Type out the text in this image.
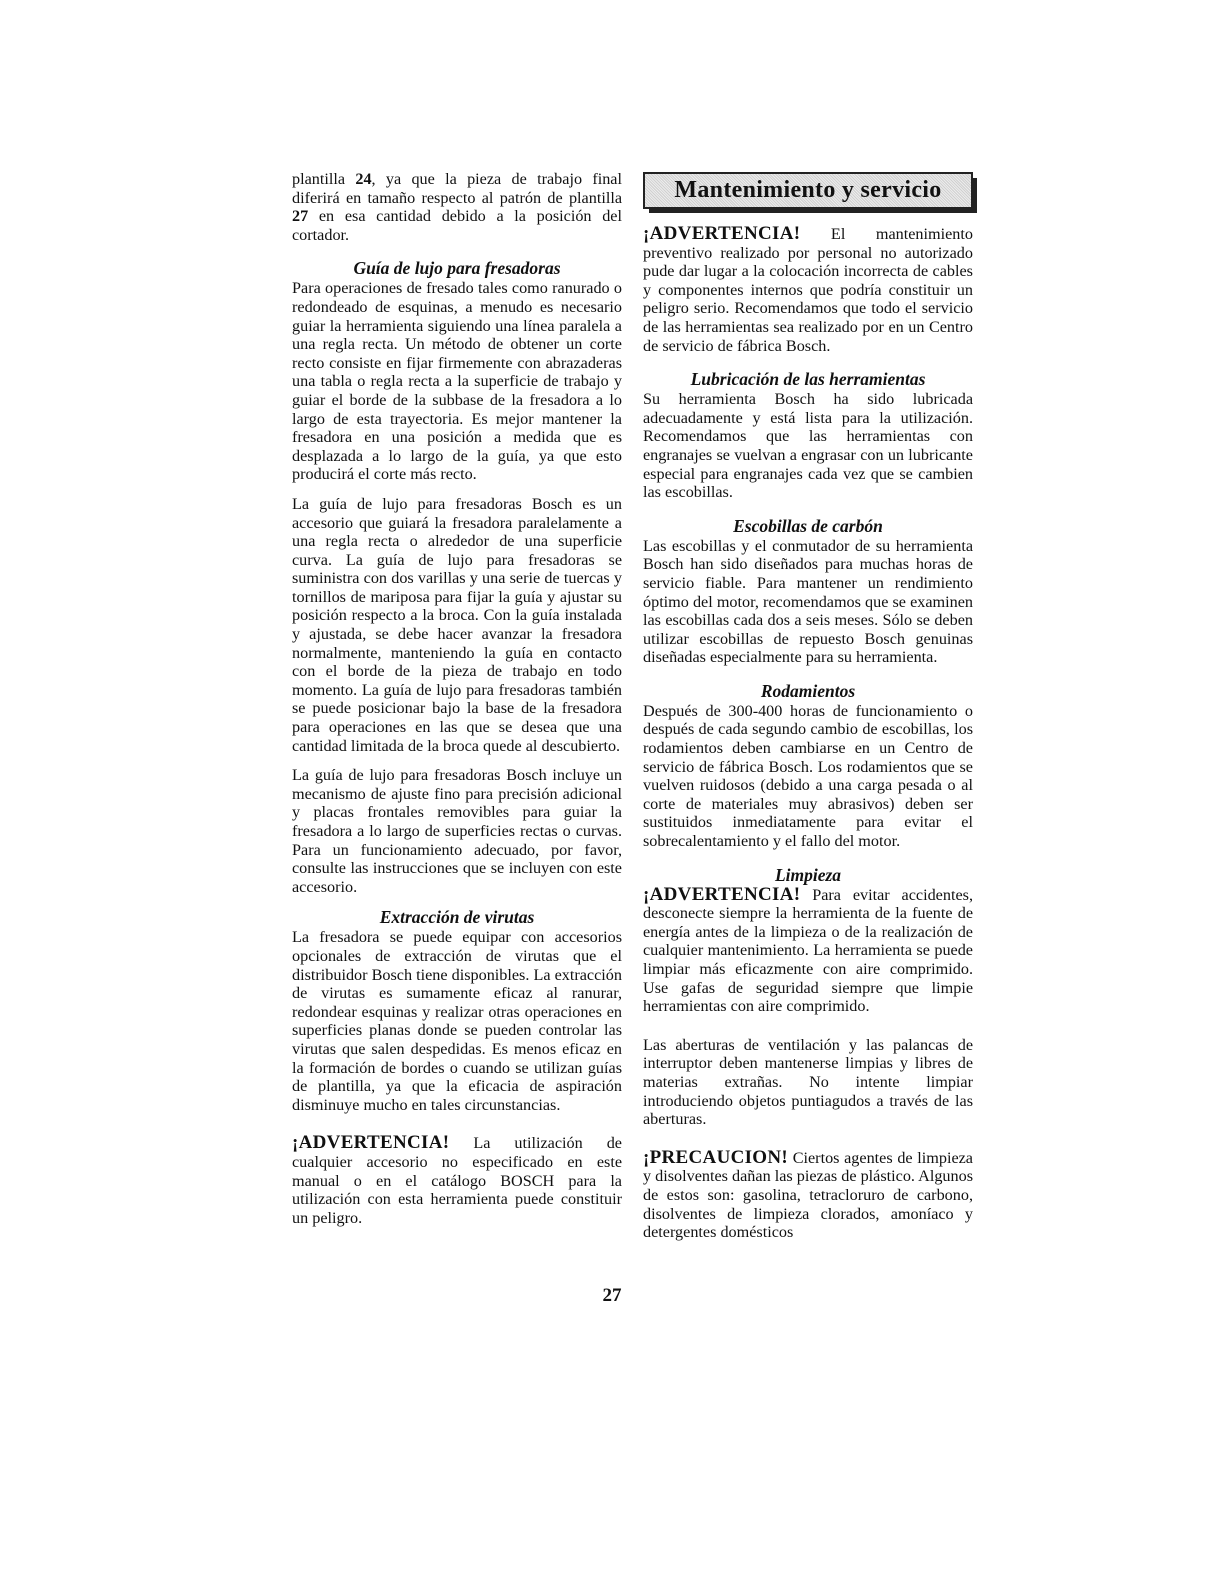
plantilla 24, ya que la pieza de trabajo final diferirá en tamaño respecto al patrón de plantilla 27 en esa cantidad debido a la posición del cortador.

Guía de lujo para fresadoras

Para operaciones de fresado tales como ranurado o redondeado de esquinas, a menudo es necesario guiar la herramienta siguiendo una línea paralela a una regla recta. Un método de obtener un corte recto consiste en fijar firmemente con abrazaderas una tabla o regla recta a la superficie de trabajo y guiar el borde de la subbase de la fresadora a lo largo de esta trayectoria. Es mejor mantener la fresadora en una posición a medida que es desplazada a lo largo de la guía, ya que esto producirá el corte más recto.

La guía de lujo para fresadoras Bosch es un accesorio que guiará la fresadora paralelamente a una regla recta o alrededor de una superficie curva. La guía de lujo para fresadoras se suministra con dos varillas y una serie de tuercas y tornillos de mariposa para fijar la guía y ajustar su posición respecto a la broca. Con la guía instalada y ajustada, se debe hacer avanzar la fresadora normalmente, manteniendo la guía en contacto con el borde de la pieza de trabajo en todo momento. La guía de lujo para fresadoras también se puede posicionar bajo la base de la fresadora para operaciones en las que se desea que una cantidad limitada de la broca quede al descubierto.

La guía de lujo para fresadoras Bosch incluye un mecanismo de ajuste fino para precisión adicional y placas frontales removibles para guiar la fresadora a lo largo de superficies rectas o curvas. Para un funcionamiento adecuado, por favor, consulte las instrucciones que se incluyen con este accesorio.

Extracción de virutas

La fresadora se puede equipar con accesorios opcionales de extracción de virutas que el distribuidor Bosch tiene disponibles. La extracción de virutas es sumamente eficaz al ranurar, redondear esquinas y realizar otras operaciones en superficies planas donde se pueden controlar las virutas que salen despedidas. Es menos eficaz en la formación de bordes o cuando se utilizan guías de plantilla, ya que la eficacia de aspiración disminuye mucho en tales circunstancias.

¡ADVERTENCIA! La utilización de cualquier accesorio no especificado en este manual o en el catálogo BOSCH para la utilización con esta herramienta puede constituir un peligro.

Mantenimiento y servicio

¡ADVERTENCIA! El mantenimiento preventivo realizado por personal no autorizado pude dar lugar a la colocación incorrecta de cables y componentes internos que podría constituir un peligro serio. Recomendamos que todo el servicio de las herramientas sea realizado por en un Centro de servicio de fábrica Bosch.

Lubricación de las herramientas

Su herramienta Bosch ha sido lubricada adecuadamente y está lista para la utilización. Recomendamos que las herramientas con engranajes se vuelvan a engrasar con un lubricante especial para engranajes cada vez que se cambien las escobillas.

Escobillas de carbón

Las escobillas y el conmutador de su herramienta Bosch han sido diseñados para muchas horas de servicio fiable. Para mantener un rendimiento óptimo del motor, recomendamos que se examinen las escobillas cada dos a seis meses. Sólo se deben utilizar escobillas de repuesto Bosch genuinas diseñadas especialmente para su herramienta.

Rodamientos

Después de 300-400 horas de funcionamiento o después de cada segundo cambio de escobillas, los rodamientos deben cambiarse en un Centro de servicio de fábrica Bosch. Los rodamientos que se vuelven ruidosos (debido a una carga pesada o al corte de materiales muy abrasivos) deben ser sustituidos inmediatamente para evitar el sobrecalentamiento y el fallo del motor.

Limpieza

¡ADVERTENCIA! Para evitar accidentes, desconecte siempre la herramienta de la fuente de energía antes de la limpieza o de la realización de cualquier mantenimiento. La herramienta se puede limpiar más eficazmente con aire comprimido. Use gafas de seguridad siempre que limpie herramientas con aire comprimido.

Las aberturas de ventilación y las palancas de interruptor deben mantenerse limpias y libres de materias extrañas. No intente limpiar introduciendo objetos puntiagudos a través de las aberturas.

¡PRECAUCION! Ciertos agentes de limpieza y disolventes dañan las piezas de plástico. Algunos de estos son: gasolina, tetracloruro de carbono, disolventes de limpieza clorados, amoníaco y detergentes domésticos

27
